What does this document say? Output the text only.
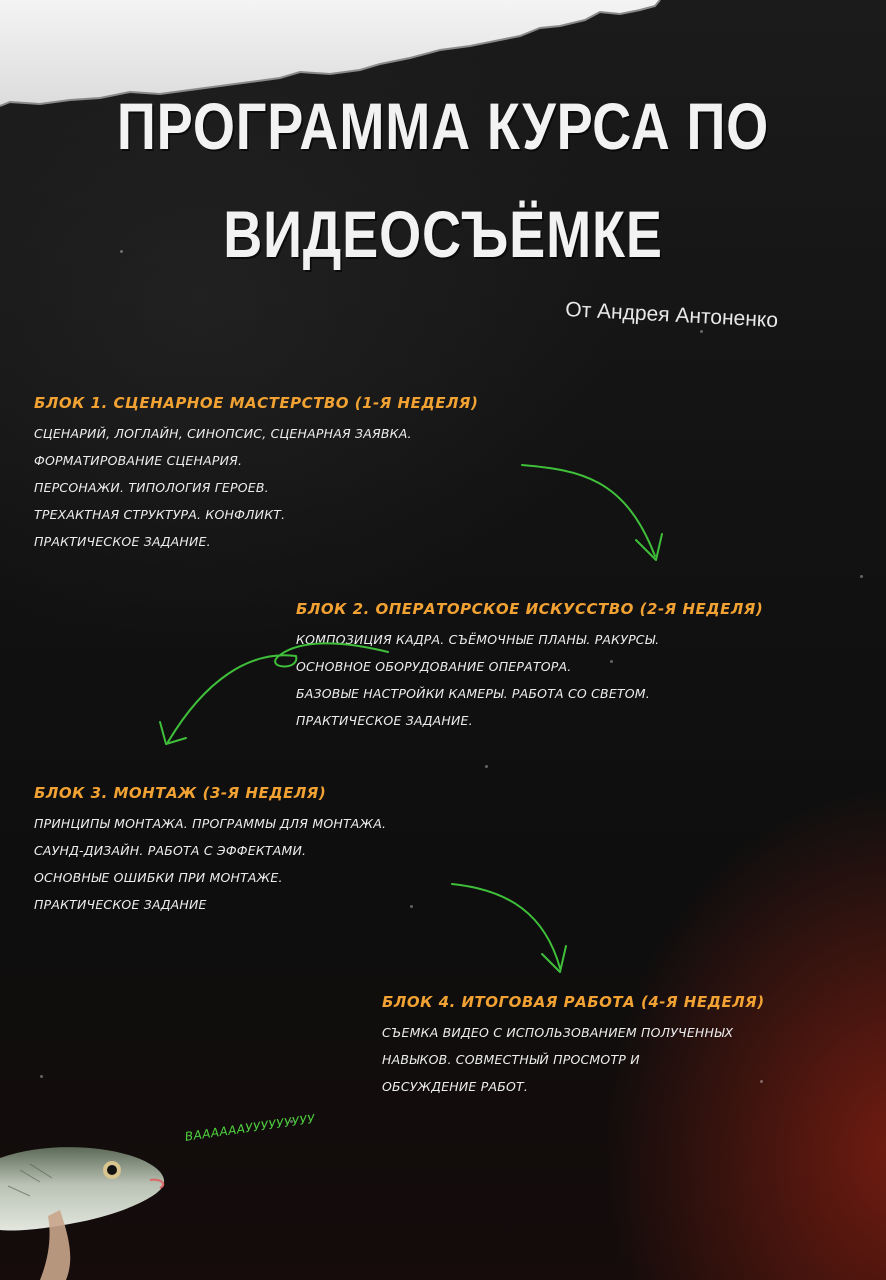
ПРОГРАММА КУРСА ПО
ВИДЕОСЪЁМКЕ
От Андрея Антоненко
БЛОК 1. СЦЕНАРНОЕ МАСТЕРСТВО (1-Я НЕДЕЛЯ)
СЦЕНАРИЙ, ЛОГЛАЙН, СИНОПСИС, СЦЕНАРНАЯ ЗАЯВКА.
ФОРМАТИРОВАНИЕ СЦЕНАРИЯ.
ПЕРСОНАЖИ. ТИПОЛОГИЯ ГЕРОЕВ.
ТРЕХАКТНАЯ СТРУКТУРА. КОНФЛИКТ.
ПРАКТИЧЕСКОЕ ЗАДАНИЕ.
БЛОК 2. ОПЕРАТОРСКОЕ ИСКУССТВО (2-Я НЕДЕЛЯ)
КОМПОЗИЦИЯ КАДРА. СЪЁМОЧНЫЕ ПЛАНЫ. РАКУРСЫ.
ОСНОВНОЕ ОБОРУДОВАНИЕ ОПЕРАТОРА.
БАЗОВЫЕ НАСТРОЙКИ КАМЕРЫ. РАБОТА СО СВЕТОМ.
ПРАКТИЧЕСКОЕ ЗАДАНИЕ.
БЛОК 3. МОНТАЖ (3-Я НЕДЕЛЯ)
ПРИНЦИПЫ МОНТАЖА. ПРОГРАММЫ ДЛЯ МОНТАЖА.
САУНД-ДИЗАЙН. РАБОТА С ЭФФЕКТАМИ.
ОСНОВНЫЕ ОШИБКИ ПРИ МОНТАЖЕ.
ПРАКТИЧЕСКОЕ ЗАДАНИЕ
БЛОК 4. ИТОГОВАЯ РАБОТА (4-Я НЕДЕЛЯ)
СЪЕМКА ВИДЕО С ИСПОЛЬЗОВАНИЕМ ПОЛУЧЕННЫХ
НАВЫКОВ. СОВМЕСТНЫЙ ПРОСМОТР И
ОБСУЖДЕНИЕ РАБОТ.
ВААААААУУУУУУУУУ
